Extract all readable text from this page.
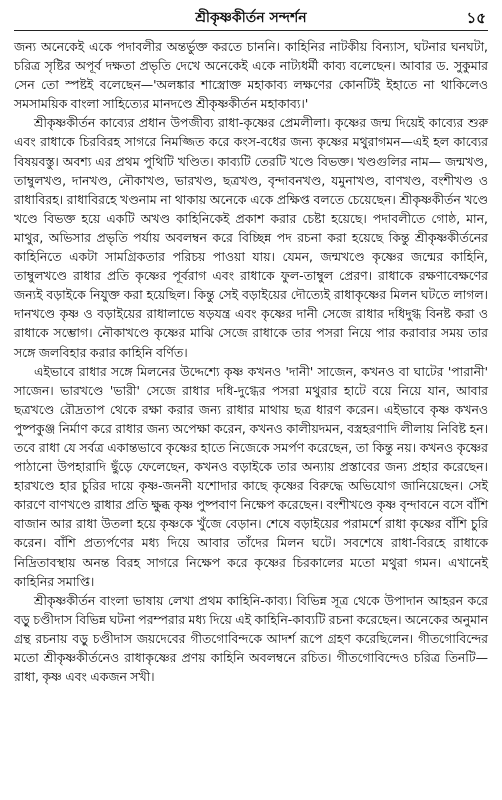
শ্রীকৃষ্ণকীর্তন সন্দর্শন	১৫

জন্য অনেকেই একে পদাবলীর অন্তর্ভুক্ত করতে চাননি। কাহিনির নাটকীয় বিন্যাস, ঘটনার ঘনঘটা, চরিত্র সৃষ্টির অপূর্ব দক্ষতা প্রভৃতি দেখে অনেকেই একে নাট্যধর্মী কাব্য বলেছেন। আবার ড. সুকুমার সেন তো স্পষ্টই বলেছেন—'অলঙ্কার শাস্ত্রোক্ত মহাকাব্য লক্ষণের কোনটিই ইহাতে না থাকিলেও সমসাময়িক বাংলা সাহিত্যের মানদণ্ডে শ্রীকৃষ্ণকীর্তন মহাকাব্য।'

শ্রীকৃষ্ণকীর্তন কাব্যের প্রধান উপজীব্য রাধা-কৃষ্ণের প্রেমলীলা। কৃষ্ণের জন্ম দিয়েই কাব্যের শুরু এবং রাধাকে চিরবিরহ সাগরে নিমজ্জিত করে কংস-বধের জন্য কৃষ্ণের মথুরাগমন—এই হল কাব্যের বিষয়বস্তু। অবশ্য এর প্রথম পুথিটি খণ্ডিত। কাব্যটি তেরটি খণ্ডে বিভক্ত। খণ্ডগুলির নাম— জন্মখণ্ড, তাম্বুলখণ্ড, দানখণ্ড, নৌকাখণ্ড, ভারখণ্ড, ছত্রখণ্ড, বৃন্দাবনখণ্ড, যমুনাখণ্ড, বাণখণ্ড, বংশীখণ্ড ও রাধাবিরহ। রাধাবিরহে খণ্ডনাম না থাকায় অনেকে একে প্রক্ষিপ্ত বলতে চেয়েছেন। শ্রীকৃষ্ণকীর্তন খণ্ডে খণ্ডে বিভক্ত হয়ে একটি অখণ্ড কাহিনিকেই প্রকাশ করার চেষ্টা হয়েছে। পদাবলীতে গোষ্ঠ, মান, মাথুর, অভিসার প্রভৃতি পর্যায় অবলম্বন করে বিচ্ছিন্ন পদ রচনা করা হয়েছে কিন্তু শ্রীকৃষ্ণকীর্তনের কাহিনিতে একটা সামগ্রিকতার পরিচয় পাওয়া যায়। যেমন, জন্মখণ্ডে কৃষ্ণের জন্মের কাহিনি, তাম্বুলখণ্ডে রাধার প্রতি কৃষ্ণের পূর্বরাগ এবং রাধাকে ফুল-তাম্বুল প্রেরণ। রাধাকে রক্ষণাবেক্ষণের জন্যই বড়াইকে নিযুক্ত করা হয়েছিল। কিন্তু সেই বড়াইয়ের দৌত্যেই রাধাকৃষ্ণের মিলন ঘটতে লাগল। দানখণ্ডে কৃষ্ণ ও বড়াইয়ের রাধালাভে ষড়যন্ত্র এবং কৃষ্ণের দানী সেজে রাধার দধিদুগ্ধ বিনষ্ট করা ও রাধাকে সম্ভোগ। নৌকাখণ্ডে কৃষ্ণের মাঝি সেজে রাধাকে তার পসরা নিয়ে পার করাবার সময় তার সঙ্গে জলবিহার করার কাহিনি বর্ণিত।

এইভাবে রাধার সঙ্গে মিলনের উদ্দেশ্যে কৃষ্ণ কখনও 'দানী' সাজেন, কখনও বা ঘাটের 'পারানী' সাজেন। ভারখণ্ডে 'ভারী' সেজে রাধার দধি-দুগ্ধের পসরা মথুরার হাটে বয়ে নিয়ে যান, আবার ছত্রখণ্ডে রৌদ্রতাপ থেকে রক্ষা করার জন্য রাধার মাথায় ছত্র ধারণ করেন। এইভাবে কৃষ্ণ কখনও পুষ্পকুঞ্জ নির্মাণ করে রাধার জন্য অপেক্ষা করেন, কখনও কালীয়দমন, বস্ত্রহরণাদি লীলায় নিবিষ্ট হন। তবে রাধা যে সর্বত্র একান্তভাবে কৃষ্ণের হাতে নিজেকে সমর্পণ করেছেন, তা কিন্তু নয়। কখনও কৃষ্ণের পাঠানো উপহারাদি ছুঁড়ে ফেলেছেন, কখনও বড়াইকে তার অন্যায় প্রস্তাবের জন্য প্রহার করেছেন। হারখণ্ডে হার চুরির দায়ে কৃষ্ণ-জননী যশোদার কাছে কৃষ্ণের বিরুদ্ধে অভিযোগ জানিয়েছেন। সেই কারণে বাণখণ্ডে রাধার প্রতি ক্ষুব্ধ কৃষ্ণ পুষ্পবাণ নিক্ষেপ করেছেন। বংশীখণ্ডে কৃষ্ণ বৃন্দাবনে বসে বাঁশি বাজান আর রাধা উতলা হয়ে কৃষ্ণকে খুঁজে বেড়ান। শেষে বড়াইয়ের পরামর্শে রাধা কৃষ্ণের বাঁশি চুরি করেন। বাঁশি প্রত্যর্পণের মধ্য দিয়ে আবার তাঁদের মিলন ঘটে। সবশেষে রাধা-বিরহে রাধাকে নিদ্রিতাবস্থায় অনন্ত বিরহ সাগরে নিক্ষেপ করে কৃষ্ণের চিরকালের মতো মথুরা গমন। এখানেই কাহিনির সমাপ্তি।

শ্রীকৃষ্ণকীর্তন বাংলা ভাষায় লেখা প্রথম কাহিনি-কাব্য। বিভিন্ন সূত্র থেকে উপাদান আহরন করে বড়ু চণ্ডীদাস বিভিন্ন ঘটনা পরম্পরার মধ্য দিয়ে এই কাহিনি-কাব্যটি রচনা করেছেন। অনেকের অনুমান গ্রন্থ রচনায় বড়ু চণ্ডীদাস জয়দেবের গীতগোবিন্দকে আদর্শ রূপে গ্রহণ করেছিলেন। গীতগোবিন্দের মতো শ্রীকৃষ্ণকীর্তনেও রাধাকৃষ্ণের প্রণয় কাহিনি অবলম্বনে রচিত। গীতগোবিন্দেও চরিত্র তিনটি—রাধা, কৃষ্ণ এবং একজন সখী।
